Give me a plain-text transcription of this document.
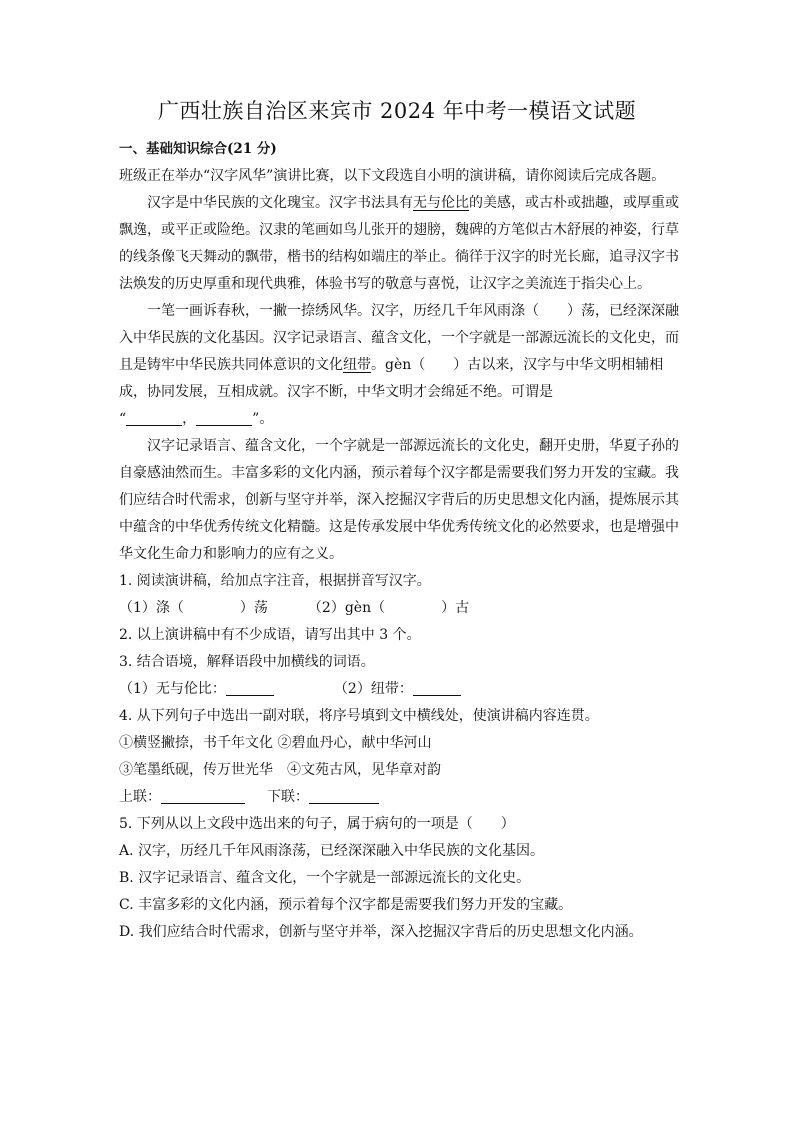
广西壮族自治区来宾市 2024 年中考一模语文试题

一、基础知识综合(21 分)

班级正在举办“汉字风华”演讲比赛，以下文段选自小明的演讲稿，请你阅读后完成各题。

汉字是中华民族的文化瑰宝。汉字书法具有无与伦比的美感，或古朴或拙趣，或厚重或飘逸，或平正或险绝。汉隶的笔画如鸟儿张开的翅膀，魏碑的方笔似古木舒展的神姿，行草的线条像飞天舞动的飘带，楷书的结构如端庄的举止。徜徉于汉字的时光长廊，追寻汉字书法焕发的历史厚重和现代典雅，体验书写的敬意与喜悦，让汉字之美流连于指尖心上。

一笔一画诉春秋，一撇一捺绣风华。汉字，历经几千年风雨涤（　　）荡，已经深深融入中华民族的文化基因。汉字记录语言、蕴含文化，一个字就是一部源远流长的文化史，而且是铸牢中华民族共同体意识的文化纽带。gèn（　　）古以来，汉字与中华文明相辅相成，协同发展，互相成就。汉字不断，中华文明才会绵延不绝。可谓是
“	，	”。

汉字记录语言、蕴含文化，一个字就是一部源远流长的文化史，翻开史册，华夏子孙的自豪感油然而生。丰富多彩的文化内涵，预示着每个汉字都是需要我们努力开发的宝藏。我们应结合时代需求，创新与坚守并举，深入挖掘汉字背后的历史思想文化内涵，提炼展示其中蕴含的中华优秀传统文化精髓。这是传承发展中华优秀传统文化的必然要求，也是增强中华文化生命力和影响力的应有之义。

1. 阅读演讲稿，给加点字注音，根据拼音写汉字。

（1）涤（	）荡	（2）gèn（	）古

2. 以上演讲稿中有不少成语，请写出其中 3 个。

3. 结合语境，解释语段中加横线的词语。

（1）无与伦比：	（2）纽带：

4. 从下列句子中选出一副对联，将序号填到文中横线处，使演讲稿内容连贯。

①横竖撇捺，书千年文化 ②碧血丹心，献中华河山

③笔墨纸砚，传万世光华 ④文苑古风，见华章对韵

上联：	下联：

5. 下列从以上文段中选出来的句子，属于病句的一项是（　　）

A. 汉字，历经几千年风雨涤荡，已经深深融入中华民族的文化基因。

B. 汉字记录语言、蕴含文化，一个字就是一部源远流长的文化史。

C. 丰富多彩的文化内涵，预示着每个汉字都是需要我们努力开发的宝藏。

D. 我们应结合时代需求，创新与坚守并举，深入挖掘汉字背后的历史思想文化内涵。
